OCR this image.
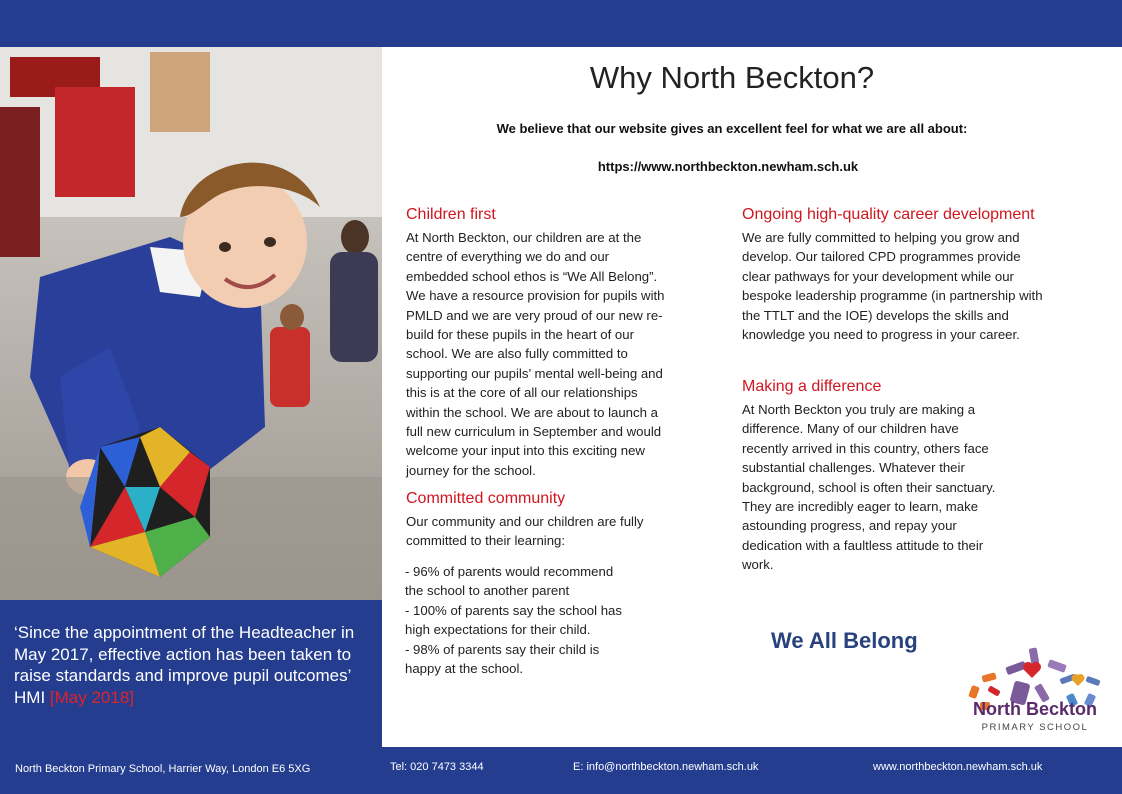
‘Since the appointment of the Headteacher in May 2017, effective action has been taken to raise standards and improve pupil outcomes’ HMI [May 2018]
Why North Beckton?
We believe that our website gives an excellent feel for what we are all about:
https://www.northbeckton.newham.sch.uk
Children first
At North Beckton, our children are at the
centre of everything we do and our
embedded school ethos is “We All Belong”.
We have a resource provision for pupils with
PMLD and we are very proud of our new re-
build for these pupils in the heart of our
school. We are also fully committed to
supporting our pupils’ mental well-being and
this is at the core of all our relationships
within the school. We are about to launch a
full new curriculum in September and would
welcome your input into this exciting new
journey for the school.
Committed community
Our community and our children are fully
committed to their learning:
- 96% of parents would recommend
the school to another parent
- 100% of parents say the school has
high expectations for their child.
- 98% of parents say their child is
happy at the school.
Ongoing high-quality career development
We are fully committed to helping you grow and
develop. Our tailored CPD programmes provide
clear pathways for your development while our
bespoke leadership programme (in partnership with
the TTLT and the IOE) develops the skills and
knowledge you need to progress in your career.
Making a difference
At North Beckton you truly are making a
difference. Many of our children have
recently arrived in this country, others face
substantial challenges. Whatever their
background, school is often their sanctuary.
They are incredibly eager to learn, make
astounding progress, and repay your
dedication with a faultless attitude to their
work.
We All Belong
North Beckton
PRIMARY SCHOOL
North Beckton Primary School, Harrier Way, London E6 5XG	Tel: 020 7473 3344	E: info@northbeckton.newham.sch.uk	www.northbeckton.newham.sch.uk
